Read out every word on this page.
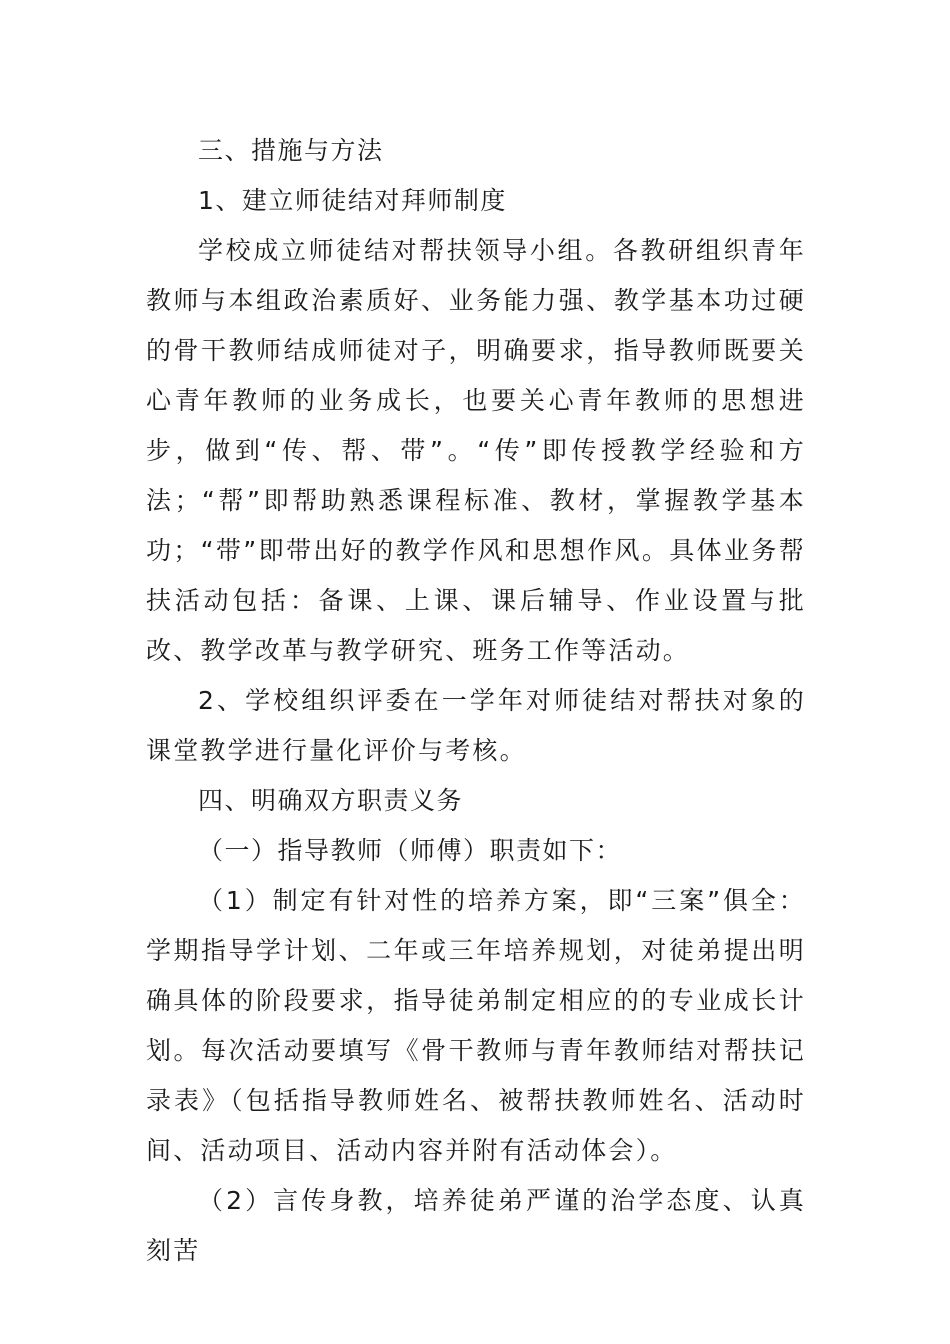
三、措施与方法

1、建立师徒结对拜师制度

学校成立师徒结对帮扶领导小组。各教研组织青年教师与本组政治素质好、业务能力强、教学基本功过硬的骨干教师结成师徒对子，明确要求，指导教师既要关心青年教师的业务成长，也要关心青年教师的思想进步，做到“传、帮、带”。“传”即传授教学经验和方法；“帮”即帮助熟悉课程标准、教材，掌握教学基本功；“带”即带出好的教学作风和思想作风。具体业务帮扶活动包括：备课、上课、课后辅导、作业设置与批改、教学改革与教学研究、班务工作等活动。

2、学校组织评委在一学年对师徒结对帮扶对象的课堂教学进行量化评价与考核。

四、明确双方职责义务

（一）指导教师（师傅）职责如下：

（1）制定有针对性的培养方案，即“三案”俱全：学期指导学计划、二年或三年培养规划，对徒弟提出明确具体的阶段要求，指导徒弟制定相应的的专业成长计划。每次活动要填写《骨干教师与青年教师结对帮扶记录表》（包括指导教师姓名、被帮扶教师姓名、活动时间、活动项目、活动内容并附有活动体会）。

（2）言传身教，培养徒弟严谨的治学态度、认真刻苦
